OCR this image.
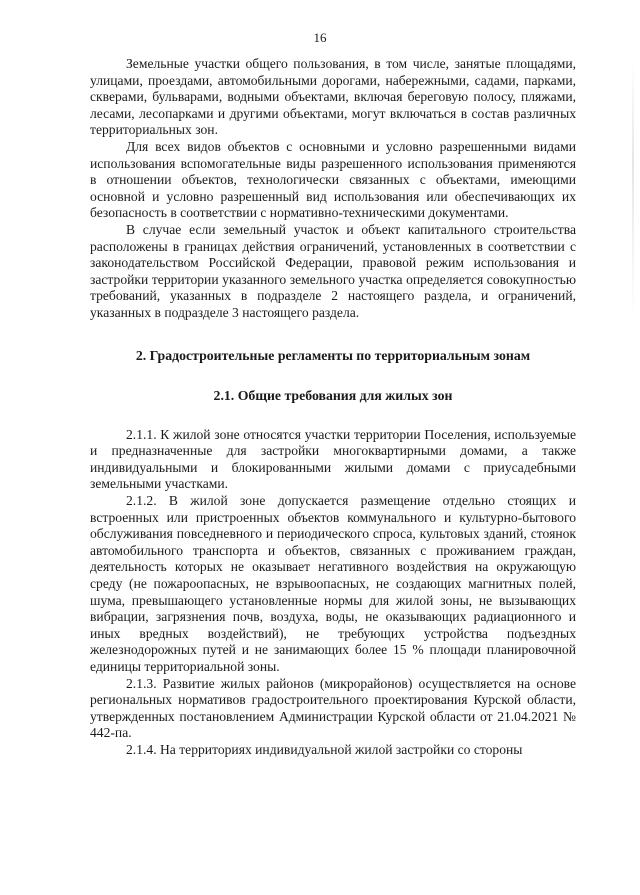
16

Земельные участки общего пользования, в том числе, занятые площадями, улицами, проездами, автомобильными дорогами, набережными, садами, парками, скверами, бульварами, водными объектами, включая береговую полосу, пляжами, лесами, лесопарками и другими объектами, могут включаться в состав различных территориальных зон.

Для всех видов объектов с основными и условно разрешенными видами использования вспомогательные виды разрешенного использования применяются в отношении объектов, технологически связанных с объектами, имеющими основной и условно разрешенный вид использования или обеспечивающих их безопасность в соответствии с нормативно-техническими документами.

В случае если земельный участок и объект капитального строительства расположены в границах действия ограничений, установленных в соответствии с законодательством Российской Федерации, правовой режим использования и застройки территории указанного земельного участка определяется совокупностью требований, указанных в подразделе 2 настоящего раздела, и ограничений, указанных в подразделе 3 настоящего раздела.

2. Градостроительные регламенты по территориальным зонам
2.1. Общие требования для жилых зон

2.1.1. К жилой зоне относятся участки территории Поселения, используемые и предназначенные для застройки многоквартирными домами, а также индивидуальными и блокированными жилыми домами с приусадебными земельными участками.

2.1.2. В жилой зоне допускается размещение отдельно стоящих и встроенных или пристроенных объектов коммунального и культурно-бытового обслуживания повседневного и периодического спроса, культовых зданий, стоянок автомобильного транспорта и объектов, связанных с проживанием граждан, деятельность которых не оказывает негативного воздействия на окружающую среду (не пожароопасных, не взрывоопасных, не создающих магнитных полей, шума, превышающего установленные нормы для жилой зоны, не вызывающих вибрации, загрязнения почв, воздуха, воды, не оказывающих радиационного и иных вредных воздействий), не требующих устройства подъездных железнодорожных путей и не занимающих более 15 % площади планировочной единицы территориальной зоны.

2.1.3. Развитие жилых районов (микрорайонов) осуществляется на основе региональных нормативов градостроительного проектирования Курской области, утвержденных постановлением Администрации Курской области от 21.04.2021 № 442-па.

2.1.4. На территориях индивидуальной жилой застройки со стороны
